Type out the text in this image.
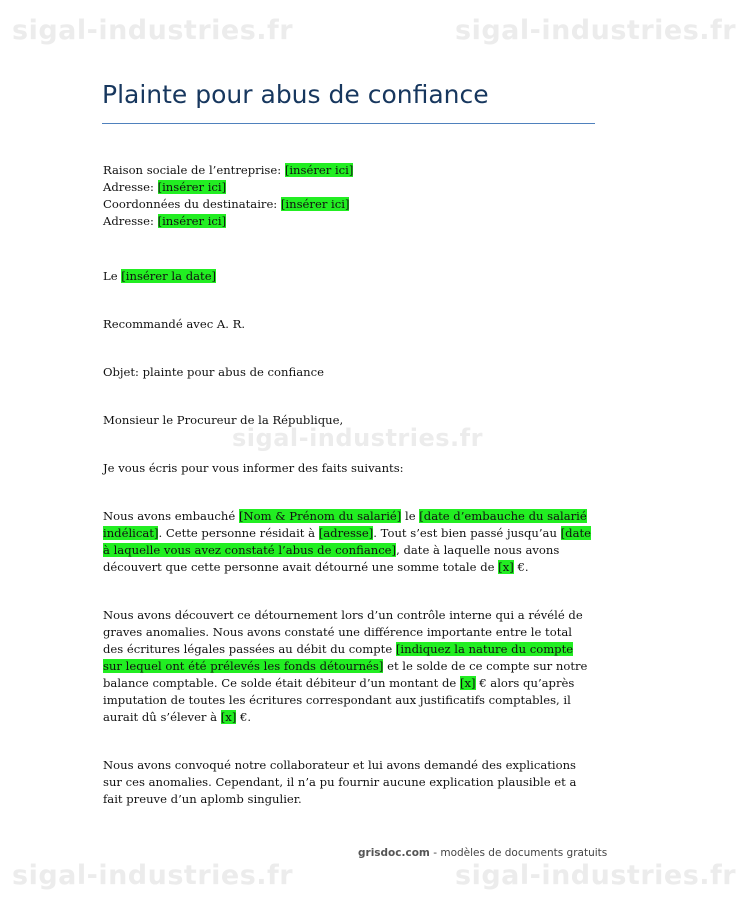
sigal-industries.fr	sigal-industries.fr
sigal-industries.fr
sigal-industries.fr	sigal-industries.fr
Plainte pour abus de confiance

Raison sociale de l’entreprise: [insérer ici]

Adresse: [insérer ici]

Coordonnées du destinataire: [insérer ici]

Adresse: [insérer ici]

Le [insérer la date]

Recommandé avec A. R.

Objet: plainte pour abus de confiance

Monsieur le Procureur de la République,

Je vous écris pour vous informer des faits suivants:

Nous avons embauché [Nom & Prénom du salarié] le [date d’embauche du salarié indélicat]. Cette personne résidait à [adresse]. Tout s’est bien passé jusqu’au [date à laquelle vous avez constaté l’abus de confiance], date à laquelle nous avons découvert que cette personne avait détourné une somme totale de [x] €.

Nous avons découvert ce détournement lors d’un contrôle interne qui a révélé de graves anomalies. Nous avons constaté une différence importante entre le total des écritures légales passées au débit du compte [indiquez la nature du compte sur lequel ont été prélevés les fonds détournés] et le solde de ce compte sur notre balance comptable. Ce solde était débiteur d’un montant de [x] € alors qu’après imputation de toutes les écritures correspondant aux justificatifs comptables, il aurait dû s’élever à [x] €.

Nous avons convoqué notre collaborateur et lui avons demandé des explications sur ces anomalies. Cependant, il n’a pu fournir aucune explication plausible et a fait preuve d’un aplomb singulier.

grisdoc.com - modèles de documents gratuits
